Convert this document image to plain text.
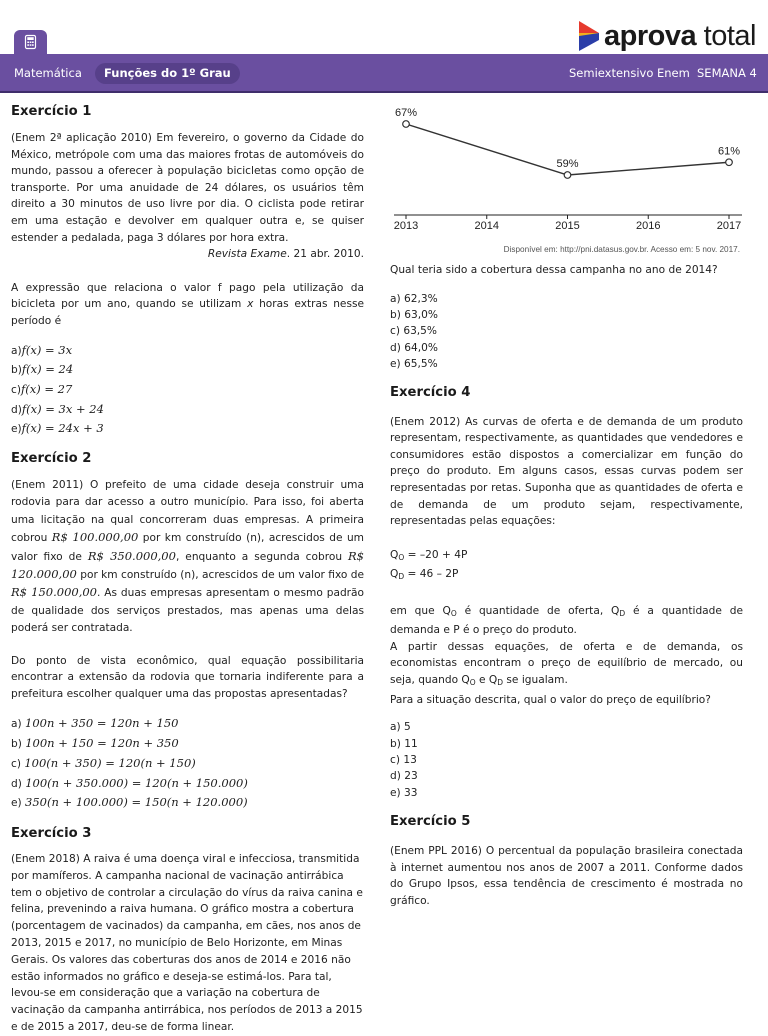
aprova total
Matemática	Funções do 1º Grau	Semiextensivo Enem SEMANA 4
Exercício 1

(Enem 2ª aplicação 2010) Em fevereiro, o governo da Cidade do México, metrópole com uma das maiores frotas de automóveis do mundo, passou a oferecer à população bicicletas como opção de transporte. Por uma anuidade de 24 dólares, os usuários têm direito a 30 minutos de uso livre por dia. O ciclista pode retirar em uma estação e devolver em qualquer outra e, se quiser estender a pedalada, paga 3 dólares por hora extra.

Revista Exame. 21 abr. 2010.

A expressão que relaciona o valor f pago pela utilização da bicicleta por um ano, quando se utilizam x horas extras nesse período é

a)f(x) = 3x
b)f(x) = 24
c)f(x) = 27
d)f(x) = 3x + 24
e)f(x) = 24x + 3
Exercício 2

(Enem 2011) O prefeito de uma cidade deseja construir uma rodovia para dar acesso a outro município. Para isso, foi aberta uma licitação na qual concorreram duas empresas. A primeira cobrou R$ 100.000,00 por km construído (n), acrescidos de um valor fixo de R$ 350.000,00, enquanto a segunda cobrou R$ 120.000,00 por km construído (n), acrescidos de um valor fixo de R$ 150.000,00. As duas empresas apresentam o mesmo padrão de qualidade dos serviços prestados, mas apenas uma delas poderá ser contratada.

Do ponto de vista econômico, qual equação possibilitaria encontrar a extensão da rodovia que tornaria indiferente para a prefeitura escolher qualquer uma das propostas apresentadas?

a) 100n + 350 = 120n + 150
b) 100n + 150 = 120n + 350
c) 100(n + 350) = 120(n + 150)
d) 100(n + 350.000) = 120(n + 150.000)
e) 350(n + 100.000) = 150(n + 120.000)
Exercício 3

(Enem 2018) A raiva é uma doença viral e infecciosa, transmitida por mamíferos. A campanha nacional de vacinação antirrábica tem o objetivo de controlar a circulação do vírus da raiva canina e felina, prevenindo a raiva humana. O gráfico mostra a cobertura (porcentagem de vacinados) da campanha, em cães, nos anos de 2013, 2015 e 2017, no município de Belo Horizonte, em Minas Gerais. Os valores das coberturas dos anos de 2014 e 2016 não estão informados no gráfico e deseja-se estimá-los. Para tal, levou-se em consideração que a variação na cobertura de vacinação da campanha antirrábica, nos períodos de 2013 a 2015 e de 2015 a 2017, deu-se de forma linear.

2013	2014	2015	2016	2017
67%
59%
61%
Disponível em: http://pni.datasus.gov.br. Acesso em: 5 nov. 2017.

Qual teria sido a cobertura dessa campanha no ano de 2014?

a) 62,3%
b) 63,0%
c) 63,5%
d) 64,0%
e) 65,5%
Exercício 4

(Enem 2012) As curvas de oferta e de demanda de um produto representam, respectivamente, as quantidades que vendedores e consumidores estão dispostos a comercializar em função do preço do produto. Em alguns casos, essas curvas podem ser representadas por retas. Suponha que as quantidades de oferta e de demanda de um produto sejam, respectivamente, representadas pelas equações:

$Q_O = -20 + 4P$
$Q_D = 46 - 2P$

em que $Q_O$ é quantidade de oferta, $Q_D$ é a quantidade de demanda e P é o preço do produto.

A partir dessas equações, de oferta e de demanda, os economistas encontram o preço de equilíbrio de mercado, ou seja, quando $Q_O$ e $Q_D$ se igualam.

Para a situação descrita, qual o valor do preço de equilíbrio?

a) 5
b) 11
c) 13
d) 23
e) 33
Exercício 5

(Enem PPL 2016) O percentual da população brasileira conectada à internet aumentou nos anos de 2007 a 2011. Conforme dados do Grupo Ipsos, essa tendência de crescimento é mostrada no gráfico.
